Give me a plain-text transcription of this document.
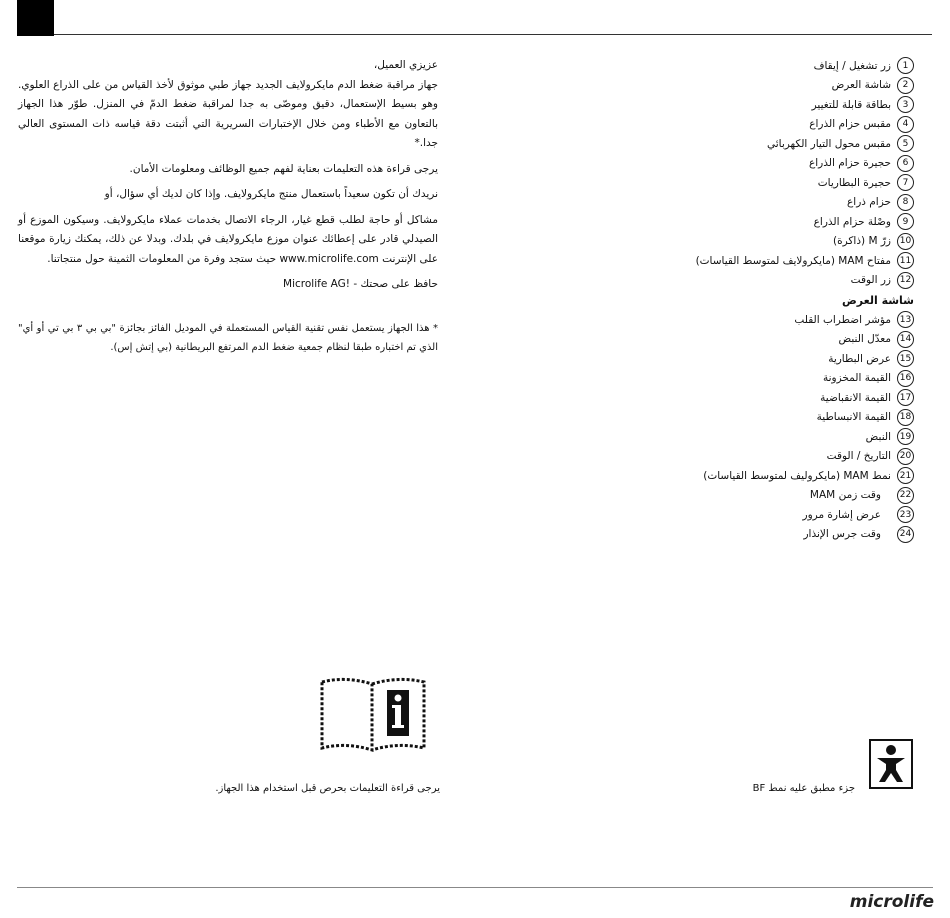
1
زر تشغيل / إيقاف
2
شاشة العرض
3
بطاقة قابلة للتغيير
4
مقبس حزام الذراع
5
مقبس محول التيار الكهربائي
6
حجيرة حزام الذراع
7
حجيرة البطاريات
8
حزام ذراع
9
وصْلة حزام الذراع
10
زرّ M (ذاكرة)
11
مفتاح MAM (مايكرولايف لمتوسط القياسات)
12
زر الوقت
شاشة العرض
13
مؤشر اضطراب القلب
14
معدّل النبض
15
عرض البطارية
16
القيمة المخزونة
17
القيمة الانقباضية
18
القيمة الانبساطية
19
النبض
20
التاريخ / الوقت
21
نمط MAM (مايكروليف لمتوسط القياسات)
22
وقت زمن MAM
23
عرض إشارة مرور
24
وقت جرس الإنذار

عزيزي العميل،

جهاز مراقبة ضغط الدم مايكرولايف الجديد جهاز طبي موثوق لأخذ القياس من على الذراع العلوي. وهو بسيط الإستعمال، دقيق وموصّى به جدا لمراقبة ضغط الدمّ في المنزل. طوّر هذا الجهاز بالتعاون مع الأطباء ومن خلال الإختبارات السريرية التي أثبتت دقة قياسه ذات المستوى العالي جدا.*

يرجى قراءة هذه التعليمات بعناية لفهم جميع الوظائف ومعلومات الأمان.

نريدك أن تكون سعيداً باستعمال منتج مايكرولايف. وإذا كان لديك أي سؤال، أو

مشاكل أو حاجة لطلب قطع غيار، الرجاء الاتصال بخدمات عملاء مايكرولايف. وسيكون الموزع أو الصيدلي قادر على إعطائك عنوان موزع مايكرولايف في بلدك. وبدلا عن ذلك، يمكنك زيارة موقعنا على الإنترنت www.microlife.com حيث ستجد وفرة من المعلومات الثمينة حول منتجاتنا.

حافظ على صحتك - !Microlife AG

* هذا الجهاز يستعمل نفس تقنية القياس المستعملة في الموديل الفائز بجائزة "بي بي ٣ بي تي أو أي" الذي تم اختباره طبقا لنظام جمعية ضغط الدم المرتفع البريطانية (بي إتش إس).

يرجى قراءة التعليمات بحرص قبل استخدام هذا الجهاز.	جزء مطبق عليه نمط BF
microlife
